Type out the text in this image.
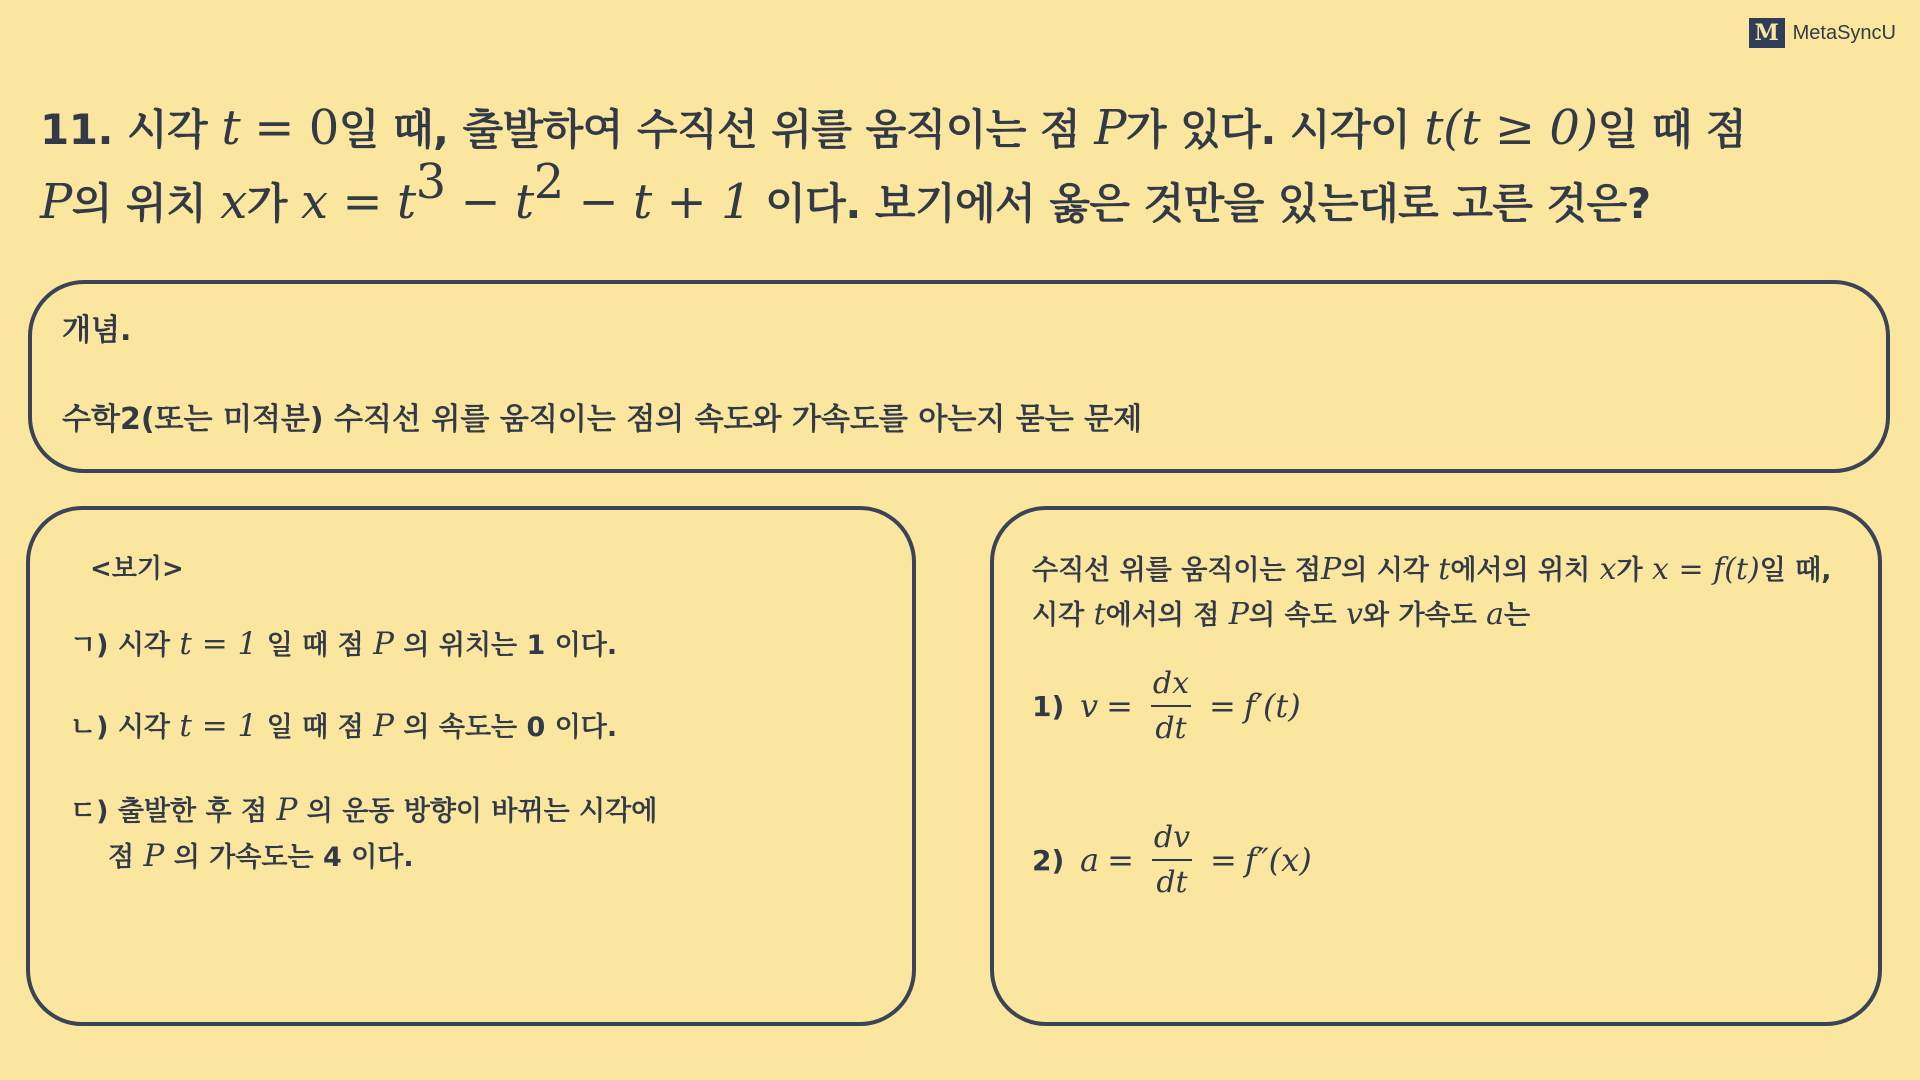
M MetaSyncU
11. 시각 t = 0일 때, 출발하여 수직선 위를 움직이는 점 P가 있다. 시각이 t(t ≥ 0)일 때 점
P의 위치 x가 $x = t^3 - t^2 - t + 1$ 이다. 보기에서 옳은 것만을 있는대로 고른 것은?
개념.
수학2(또는 미적분) 수직선 위를 움직이는 점의 속도와 가속도를 아는지 묻는 문제
<보기>
ㄱ) 시각 t = 1 일 때 점 P 의 위치는 1 이다.
ㄴ) 시각 t = 1 일 때 점 P 의 속도는 0 이다.
ㄷ) 출발한 후 점 P 의 운동 방향이 바뀌는 시각에
점 P 의 가속도는 4 이다.
수직선 위를 움직이는 점P의 시각 t에서의 위치 x가 x = f(t)일 때,
시각 t에서의 점 P의 속도 v와 가속도 a는
1) $v = \frac{dx}{dt} = f'(t)$
2) $a = \frac{dv}{dt} = f''(x)$
